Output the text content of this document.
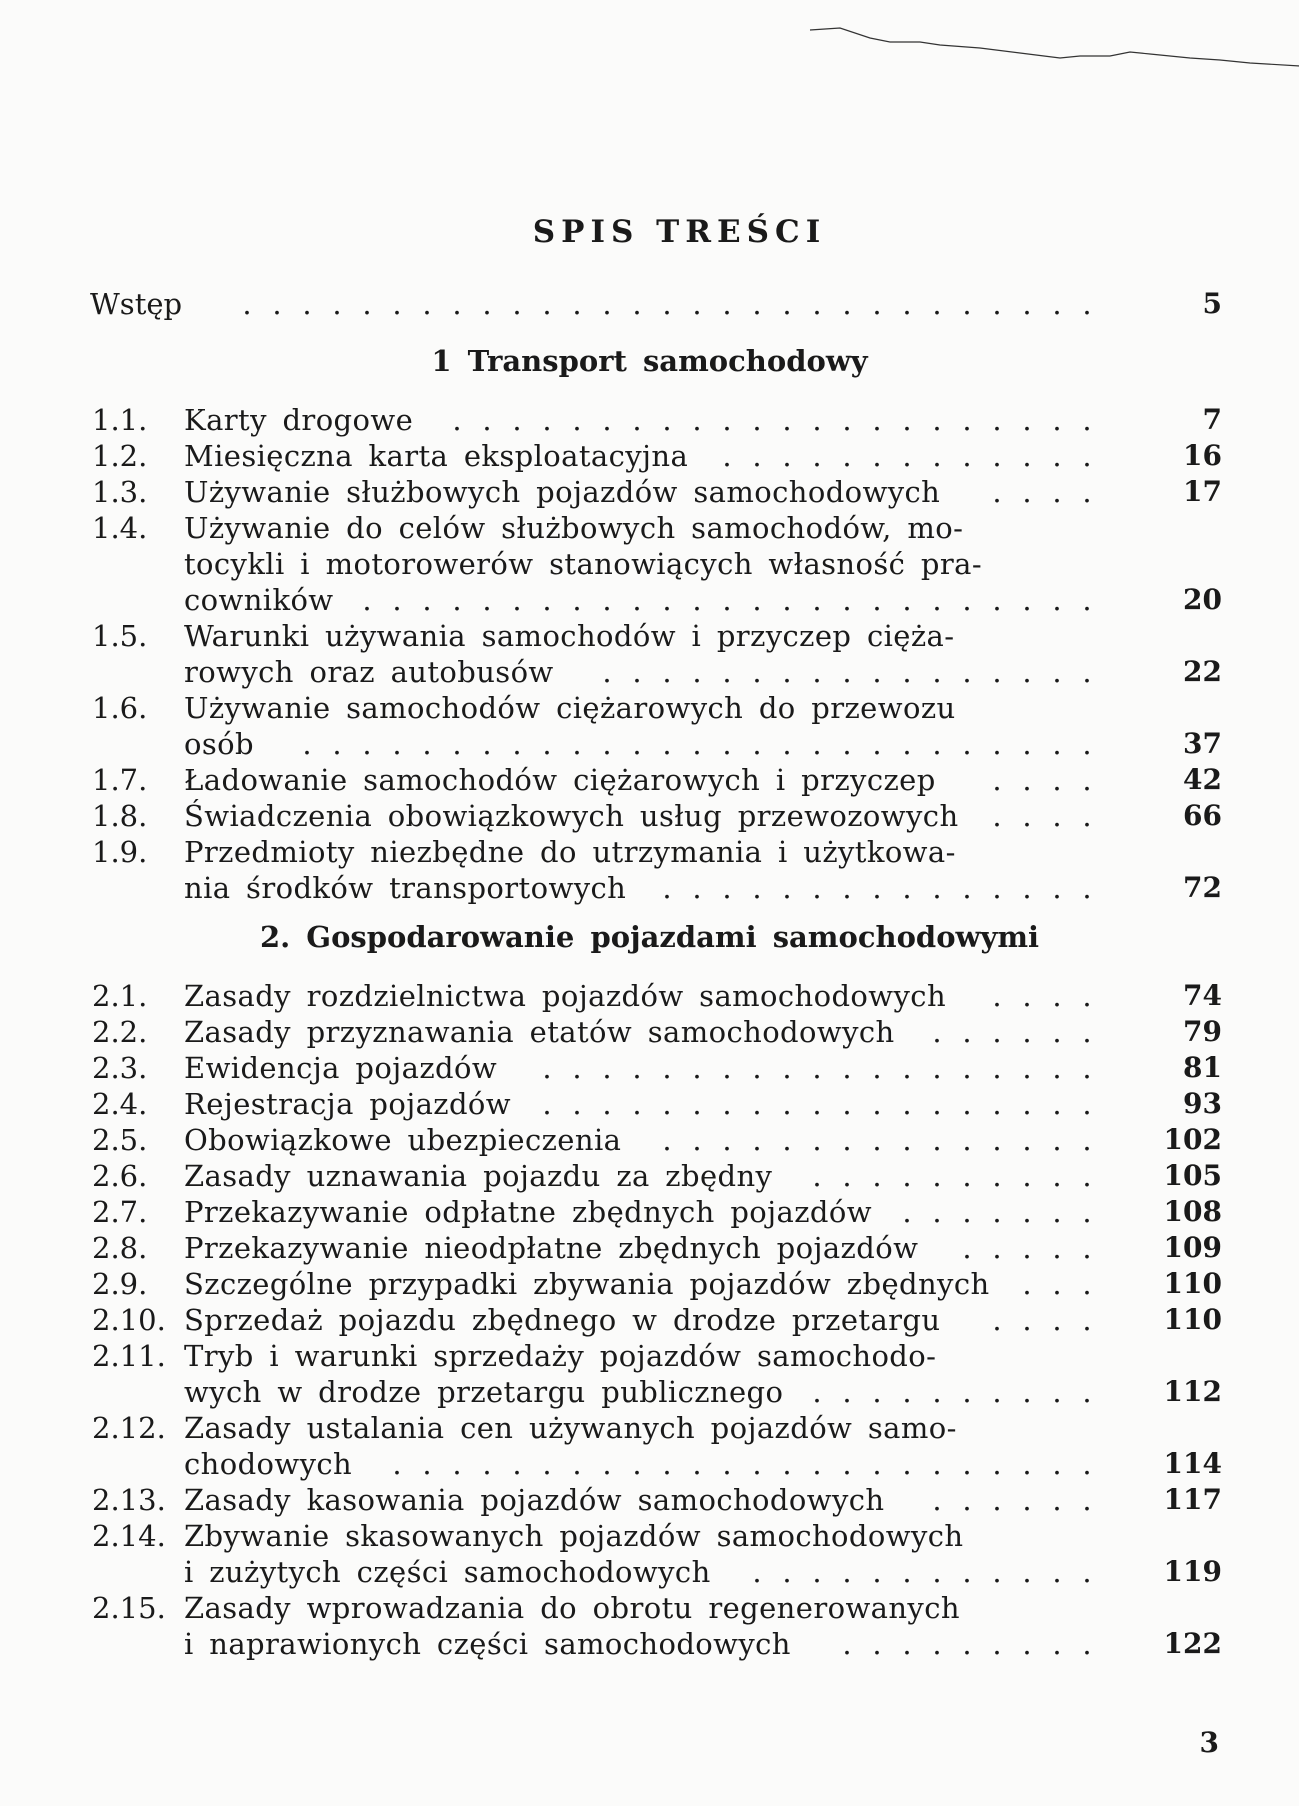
SPIS TREŚCI
Wstęp	. . . . . . . . . . . . . . . . . . . . . . . . . . . . .	5
1.1. Karty drogowe	. . . . . . . . . . . . . . . . . . . . . .	7
1.2. Miesięczna karta eksploatacyjna	. . . . . . . . . . . . .	16
1.3. Używanie służbowych pojazdów samochodowych	. . . .	17
1.4. Używanie do celów służbowych samochodów, mo-
tocykli i motorowerów stanowiących własność pra-
cowników . . . . . . . . . . . . . . . . . . . . . . . . .	20
1.5. Warunki używania samochodów i przyczep cięża-
rowych oraz autobusów	. . . . . . . . . . . . . . . . .	22
1.6. Używanie samochodów ciężarowych do przewozu
osób	. . . . . . . . . . . . . . . . . . . . . . . . . . .	37
1.7. Ładowanie samochodów ciężarowych i przyczep	. . . .	42
1.8. Świadczenia obowiązkowych usług przewozowych	. . . .	66
1.9. Przedmioty niezbędne do utrzymania i użytkowa-
nia środków transportowych	. . . . . . . . . . . . . . .	72
2.1. Zasady rozdzielnictwa pojazdów samochodowych	. . . .	74
2.2. Zasady przyznawania etatów samochodowych	. . . . . .	79
2.3. Ewidencja pojazdów	. . . . . . . . . . . . . . . . . . .	81
2.4. Rejestracja pojazdów	. . . . . . . . . . . . . . . . . . .	93
2.5. Obowiązkowe ubezpieczenia	. . . . . . . . . . . . . . .	102
2.6. Zasady uznawania pojazdu za zbędny	. . . . . . . . . .	105
2.7. Przekazywanie odpłatne zbędnych pojazdów	. . . . . . .	108
2.8. Przekazywanie nieodpłatne zbędnych pojazdów	. . . . .	109
2.9. Szczególne przypadki zbywania pojazdów zbędnych	. . .	110
2.10. Sprzedaż pojazdu zbędnego w drodze przetargu	. . . .	110
2.11. Tryb i warunki sprzedaży pojazdów samochodo-
wych w drodze przetargu publicznego	. . . . . . . . . .	112
2.12. Zasady ustalania cen używanych pojazdów samo-
chodowych	. . . . . . . . . . . . . . . . . . . . . . . .	114
2.13. Zasady kasowania pojazdów samochodowych	. . . . . .	117
2.14. Zbywanie skasowanych pojazdów samochodowych
i zużytych części samochodowych	. . . . . . . . . . . .	119
2.15. Zasady wprowadzania do obrotu regenerowanych
i naprawionych części samochodowych	. . . . . . . . .	122
3
1 Transport samochodowy
2. Gospodarowanie pojazdami samochodowymi
